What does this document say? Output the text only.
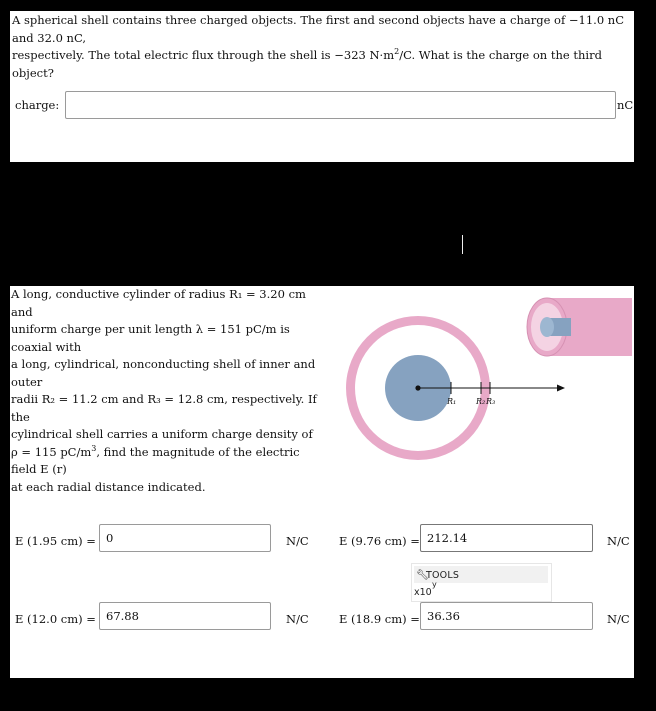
A spherical shell contains three charged objects. The first and second objects have a charge of −11.0 nC and 32.0 nC,
respectively. The total electric flux through the shell is −323 $N\cdot m^2/C$. What is the charge on the third object?
charge:	nC
A long, conductive cylinder of radius R₁ = 3.20 cm and
uniform charge per unit length λ = 151 pC/m is coaxial with
a long, cylindrical, nonconducting shell of inner and outer
radii R₂ = 11.2 cm and R₃ = 12.8 cm, respectively. If the
cylindrical shell carries a uniform charge density of
ρ = 115 $pC/m^3$, find the magnitude of the electric field E (r)
at each radial distance indicated.
R₁ R₂ R₃
E (1.95 cm) = 0	N/C	E (9.76 cm) = 212.14	N/C
E (12.0 cm) = 67.88	N/C	E (18.9 cm) = 36.36	N/C
🔧︎
TOOLS
y
x10
